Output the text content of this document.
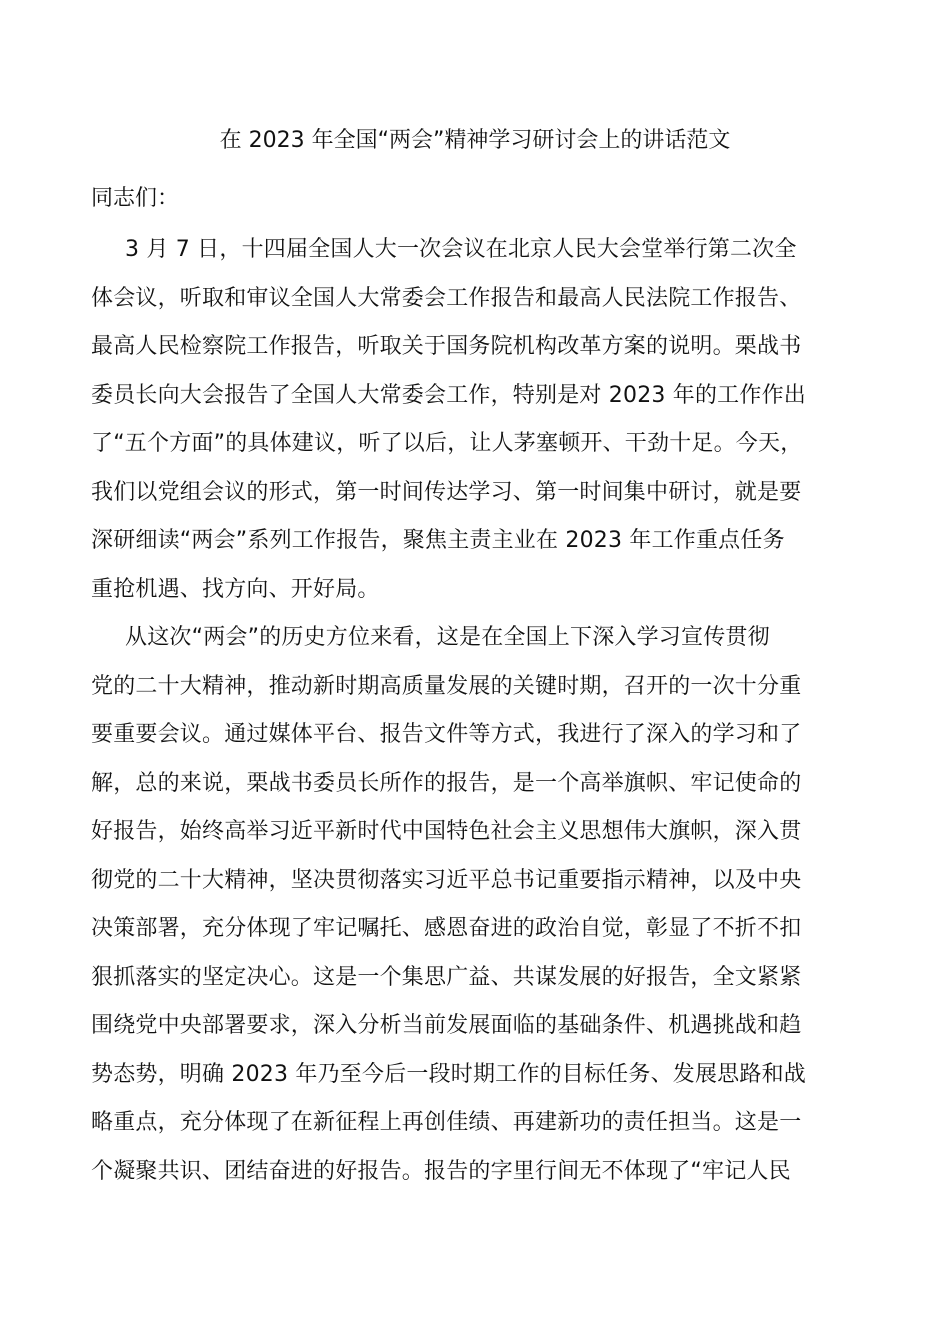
在 2023 年全国“两会”精神学习研讨会上的讲话范文
同志们：
3 月 7 日，十四届全国人大一次会议在北京人民大会堂举行第二次全
体会议，听取和审议全国人大常委会工作报告和最高人民法院工作报告、
最高人民检察院工作报告，听取关于国务院机构改革方案的说明。栗战书
委员长向大会报告了全国人大常委会工作，特别是对 2023 年的工作作出
了“五个方面”的具体建议，听了以后，让人茅塞顿开、干劲十足。今天，
我们以党组会议的形式，第一时间传达学习、第一时间集中研讨，就是要
深研细读“两会”系列工作报告，聚焦主责主业在 2023 年工作重点任务
重抢机遇、找方向、开好局。
从这次“两会”的历史方位来看，这是在全国上下深入学习宣传贯彻
党的二十大精神，推动新时期高质量发展的关键时期，召开的一次十分重
要重要会议。通过媒体平台、报告文件等方式，我进行了深入的学习和了
解，总的来说，栗战书委员长所作的报告，是一个高举旗帜、牢记使命的
好报告，始终高举习近平新时代中国特色社会主义思想伟大旗帜，深入贯
彻党的二十大精神，坚决贯彻落实习近平总书记重要指示精神，以及中央
决策部署，充分体现了牢记嘱托、感恩奋进的政治自觉，彰显了不折不扣
狠抓落实的坚定决心。这是一个集思广益、共谋发展的好报告，全文紧紧
围绕党中央部署要求，深入分析当前发展面临的基础条件、机遇挑战和趋
势态势，明确 2023 年乃至今后一段时期工作的目标任务、发展思路和战
略重点，充分体现了在新征程上再创佳绩、再建新功的责任担当。这是一
个凝聚共识、团结奋进的好报告。报告的字里行间无不体现了“牢记人民
